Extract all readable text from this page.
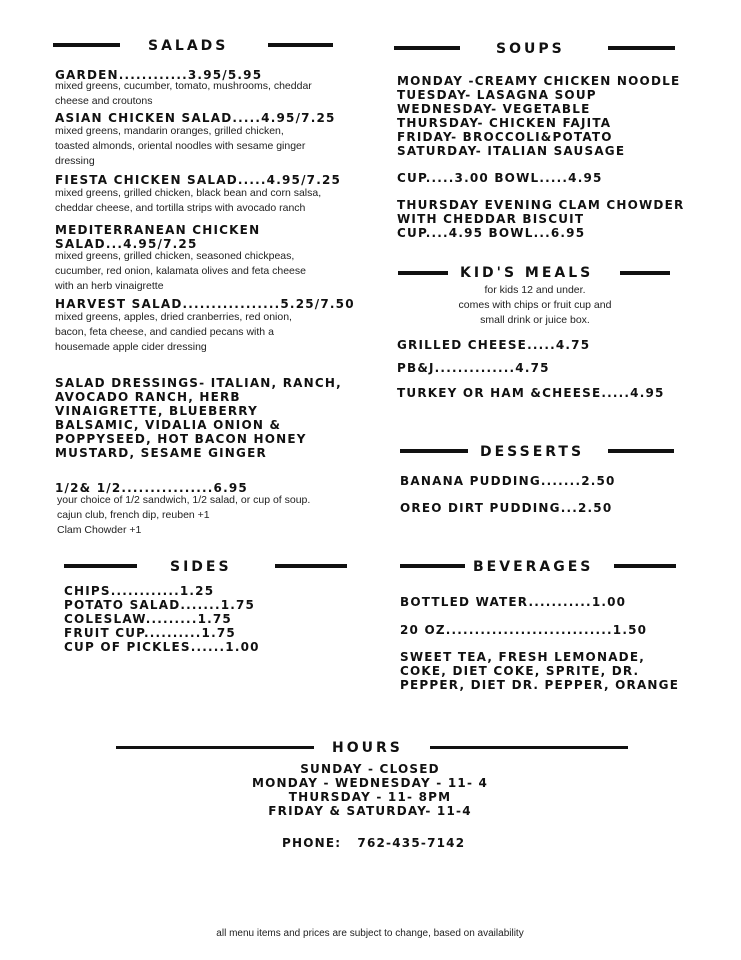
SALADS
GARDEN............3.95/5.95
mixed greens, cucumber, tomato, mushrooms, cheddar
cheese and croutons
ASIAN CHICKEN SALAD.....4.95/7.25
mixed greens, mandarin oranges, grilled chicken,
toasted almonds, oriental noodles with sesame ginger
dressing
FIESTA CHICKEN SALAD.....4.95/7.25
mixed greens, grilled chicken, black bean and corn salsa,
cheddar cheese, and tortilla strips with avocado ranch
MEDITERRANEAN CHICKEN
SALAD...4.95/7.25
mixed greens, grilled chicken, seasoned chickpeas,
cucumber, red onion, kalamata olives and feta cheese
with an herb vinaigrette
HARVEST SALAD.................5.25/7.50
mixed greens, apples, dried cranberries, red onion,
bacon, feta cheese, and candied pecans with a
housemade apple cider dressing
SALAD DRESSINGS- ITALIAN, RANCH,
AVOCADO RANCH, HERB
VINAIGRETTE, BLUEBERRY
BALSAMIC, VIDALIA ONION &
POPPYSEED, HOT BACON HONEY
MUSTARD, SESAME GINGER
1/2& 1/2................6.95
your choice of 1/2 sandwich, 1/2 salad, or cup of soup.
cajun club, french dip, reuben +1
Clam Chowder +1
SIDES
CHIPS............1.25
POTATO SALAD.......1.75
COLESLAW.........1.75
FRUIT CUP..........1.75
CUP OF PICKLES......1.00
SOUPS
MONDAY -CREAMY CHICKEN NOODLE
TUESDAY- LASAGNA SOUP
WEDNESDAY- VEGETABLE
THURSDAY- CHICKEN FAJITA
FRIDAY- BROCCOLI&POTATO
SATURDAY- ITALIAN SAUSAGE
CUP.....3.00 BOWL.....4.95
THURSDAY EVENING CLAM CHOWDER
WITH CHEDDAR BISCUIT
CUP....4.95 BOWL...6.95
KID'S MEALS
for kids 12 and under.
comes with chips or fruit cup and
small drink or juice box.
GRILLED CHEESE.....4.75
PB&J..............4.75
TURKEY OR HAM &CHEESE.....4.95
DESSERTS
BANANA PUDDING.......2.50
OREO DIRT PUDDING...2.50
BEVERAGES
BOTTLED WATER...........1.00
20 OZ.............................1.50
SWEET TEA, FRESH LEMONADE,
COKE, DIET COKE, SPRITE, DR.
PEPPER, DIET DR. PEPPER, ORANGE
HOURS
SUNDAY - CLOSED
MONDAY - WEDNESDAY - 11- 4
THURSDAY - 11- 8PM
FRIDAY & SATURDAY- 11-4
PHONE:   762-435-7142
all menu items and prices are subject to change, based on availability
